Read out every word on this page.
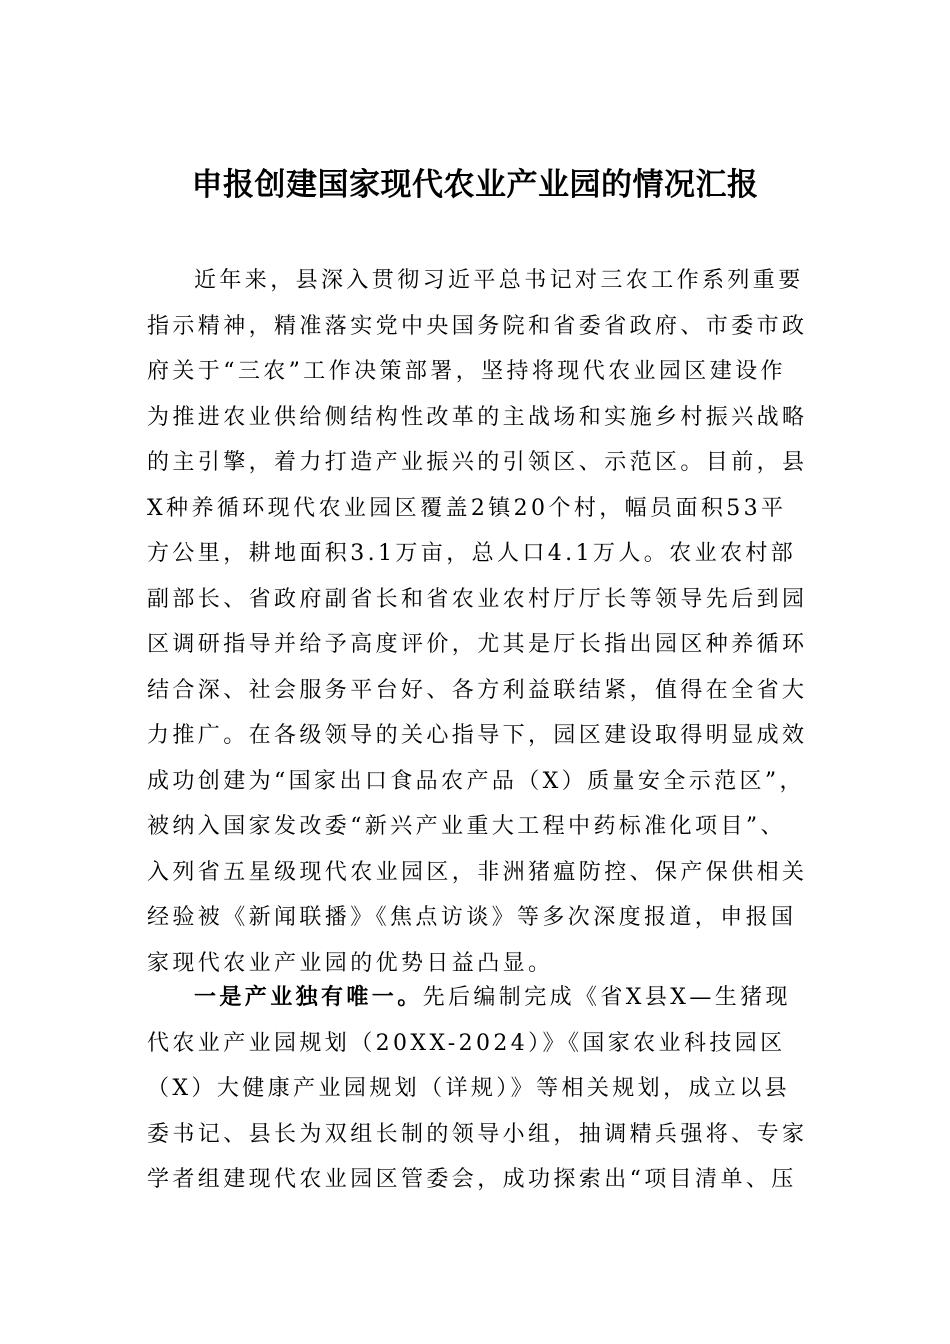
申报创建国家现代农业产业园的情况汇报
近年来，县深入贯彻习近平总书记对三农工作系列重要
指示精神，精准落实党中央国务院和省委省政府、市委市政
府关于“三农”工作决策部署，坚持将现代农业园区建设作
为推进农业供给侧结构性改革的主战场和实施乡村振兴战略
的主引擎，着力打造产业振兴的引领区、示范区。目前，县
X种养循环现代农业园区覆盖2镇20个村，幅员面积53平
方公里，耕地面积3.1万亩，总人口4.1万人。农业农村部
副部长、省政府副省长和省农业农村厅厅长等领导先后到园
区调研指导并给予高度评价，尤其是厅长指出园区种养循环
结合深、社会服务平台好、各方利益联结紧，值得在全省大
力推广。在各级领导的关心指导下，园区建设取得明显成效
成功创建为“国家出口食品农产品（X）质量安全示范区”，
被纳入国家发改委“新兴产业重大工程中药标准化项目”、
入列省五星级现代农业园区，非洲猪瘟防控、保产保供相关
经验被《新闻联播》《焦点访谈》等多次深度报道，申报国
家现代农业产业园的优势日益凸显。
一是产业独有唯一。先后编制完成《省X县X—生猪现
代农业产业园规划（20XX-2024）》《国家农业科技园区
（X）大健康产业园规划（详规）》等相关规划，成立以县
委书记、县长为双组长制的领导小组，抽调精兵强将、专家
学者组建现代农业园区管委会，成功探索出“项目清单、压
